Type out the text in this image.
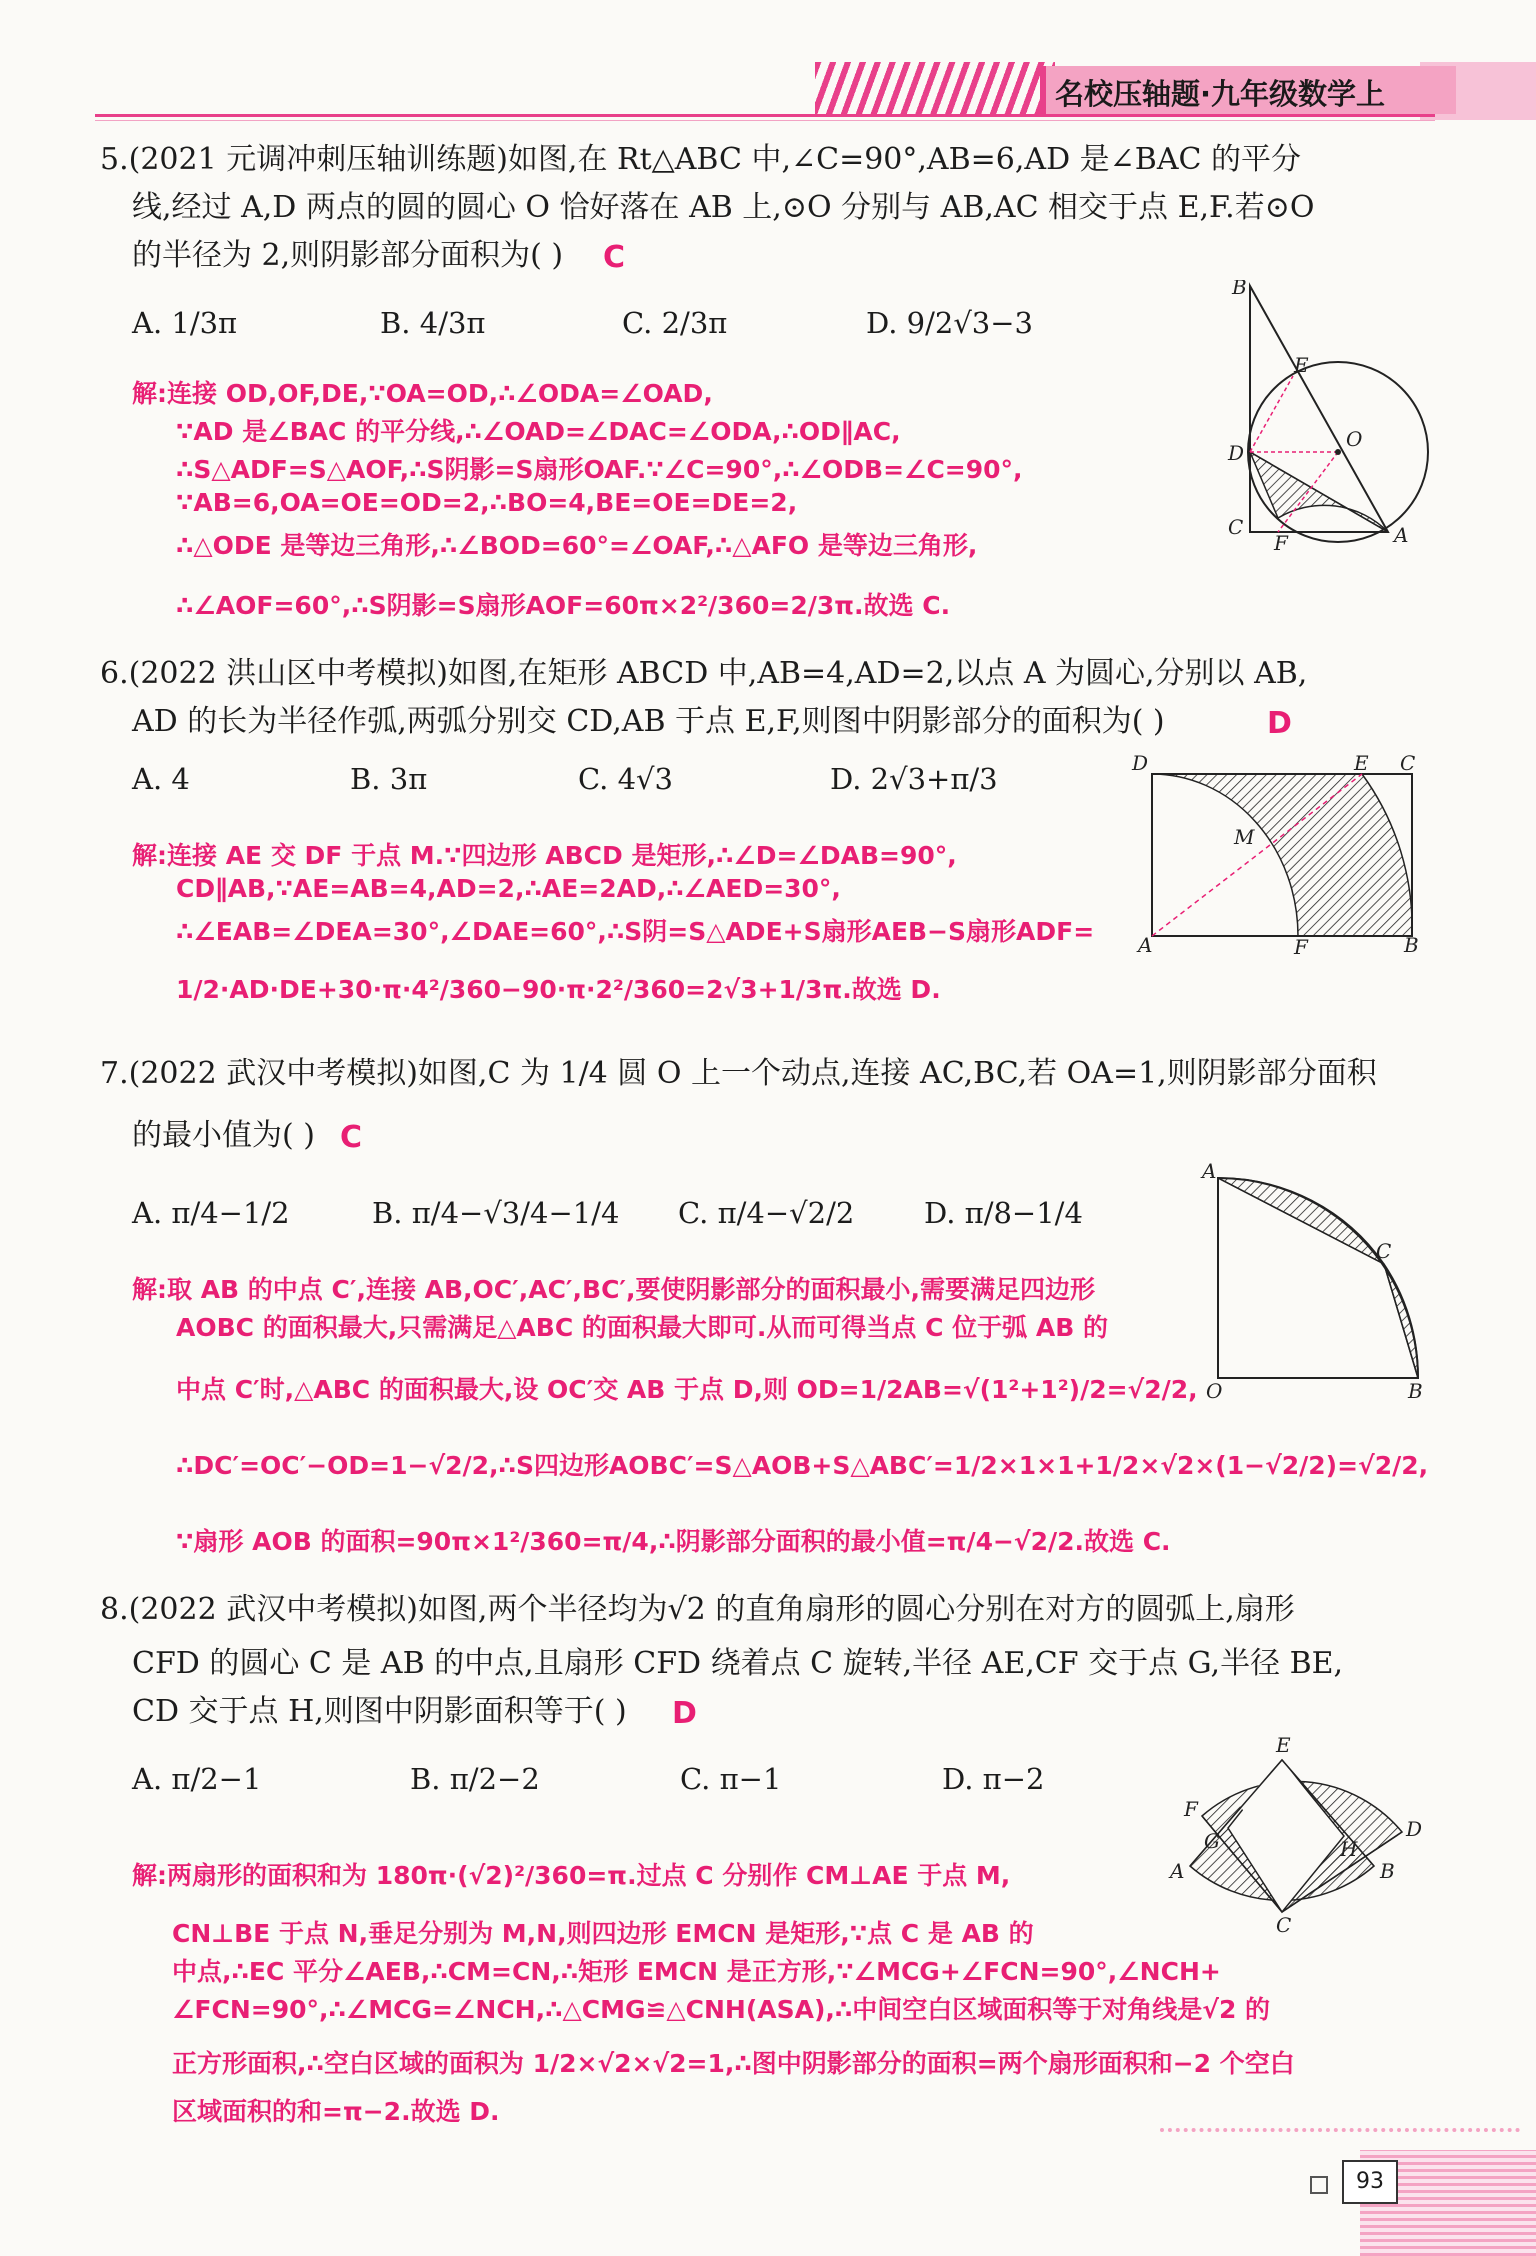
名校压轴题·九年级数学上
5.(2021 元调冲刺压轴训练题)如图,在 Rt△ABC 中,∠C=90°,AB=6,AD 是∠BAC 的平分
线,经过 A,D 两点的圆的圆心 O 恰好落在 AB 上,⊙O 分别与 AB,AC 相交于点 E,F.若⊙O
的半径为 2,则阴影部分面积为( ) C
A. 1/3π	B. 4/3π	C. 2/3π	D. 9/2√3−3
解:连接 OD,OF,DE,∵OA=OD,∴∠ODA=∠OAD,
∵AD 是∠BAC 的平分线,∴∠OAD=∠DAC=∠ODA,∴OD∥AC,
∴S△ADF=S△AOF,∴S阴影=S扇形OAF.∵∠C=90°,∴∠ODB=∠C=90°,
∵AB=6,OA=OE=OD=2,∴BO=4,BE=OE=DE=2,
∴△ODE 是等边三角形,∴∠BOD=60°=∠OAF,∴△AFO 是等边三角形,
∴∠AOF=60°,∴S阴影=S扇形AOF=60π×2²/360=2/3π.故选 C.
B
E
O
D
C
F	A
6.(2022 洪山区中考模拟)如图,在矩形 ABCD 中,AB=4,AD=2,以点 A 为圆心,分别以 AB,
AD 的长为半径作弧,两弧分别交 CD,AB 于点 E,F,则图中阴影部分的面积为( )	D
A. 4	B. 3π	C. 4√3	D. 2√3+π/3
解:连接 AE 交 DF 于点 M.∵四边形 ABCD 是矩形,∴∠D=∠DAB=90°,
CD∥AB,∵AE=AB=4,AD=2,∴AE=2AD,∴∠AED=30°,
∴∠EAB=∠DEA=30°,∠DAE=60°,∴S阴=S△ADE+S扇形AEB−S扇形ADF=
1/2·AD·DE+30·π·4²/360−90·π·2²/360=2√3+1/3π.故选 D.
D	E C
M
A	F	B
7.(2022 武汉中考模拟)如图,C 为 1/4 圆 O 上一个动点,连接 AC,BC,若 OA=1,则阴影部分面积
的最小值为( ) C
A. π/4−1/2	B. π/4−√3/4−1/4 C. π/4−√2/2 D. π/8−1/4
解:取 AB 的中点 C′,连接 AB,OC′,AC′,BC′,要使阴影部分的面积最小,需要满足四边形
AOBC 的面积最大,只需满足△ABC 的面积最大即可.从而可得当点 C 位于弧 AB 的
中点 C′时,△ABC 的面积最大,设 OC′交 AB 于点 D,则 OD=1/2AB=√(1²+1²)/2=√2/2,
∴DC′=OC′−OD=1−√2/2,∴S四边形AOBC′=S△AOB+S△ABC′=1/2×1×1+1/2×√2×(1−√2/2)=√2/2,
∵扇形 AOB 的面积=90π×1²/360=π/4,∴阴影部分面积的最小值=π/4−√2/2.故选 C.
A
C
O	B
8.(2022 武汉中考模拟)如图,两个半径均为√2 的直角扇形的圆心分别在对方的圆弧上,扇形
CFD 的圆心 C 是 AB 的中点,且扇形 CFD 绕着点 C 旋转,半径 AE,CF 交于点 G,半径 BE,
CD 交于点 H,则图中阴影面积等于( ) D
A. π/2−1	B. π/2−2	C. π−1	D. π−2
解:两扇形的面积和为 180π·(√2)²/360=π.过点 C 分别作 CM⊥AE 于点 M,
CN⊥BE 于点 N,垂足分别为 M,N,则四边形 EMCN 是矩形,∵点 C 是 AB 的
中点,∴EC 平分∠AEB,∴CM=CN,∴矩形 EMCN 是正方形,∵∠MCG+∠FCN=90°,∠NCH+
∠FCN=90°,∴∠MCG=∠NCH,∴△CMG≌△CNH(ASA),∴中间空白区域面积等于对角线是√2 的
正方形面积,∴空白区域的面积为 1/2×√2×√2=1,∴图中阴影部分的面积=两个扇形面积和−2 个空白
区域面积的和=π−2.故选 D.
E
F
G	D
H
A	B
C
93
